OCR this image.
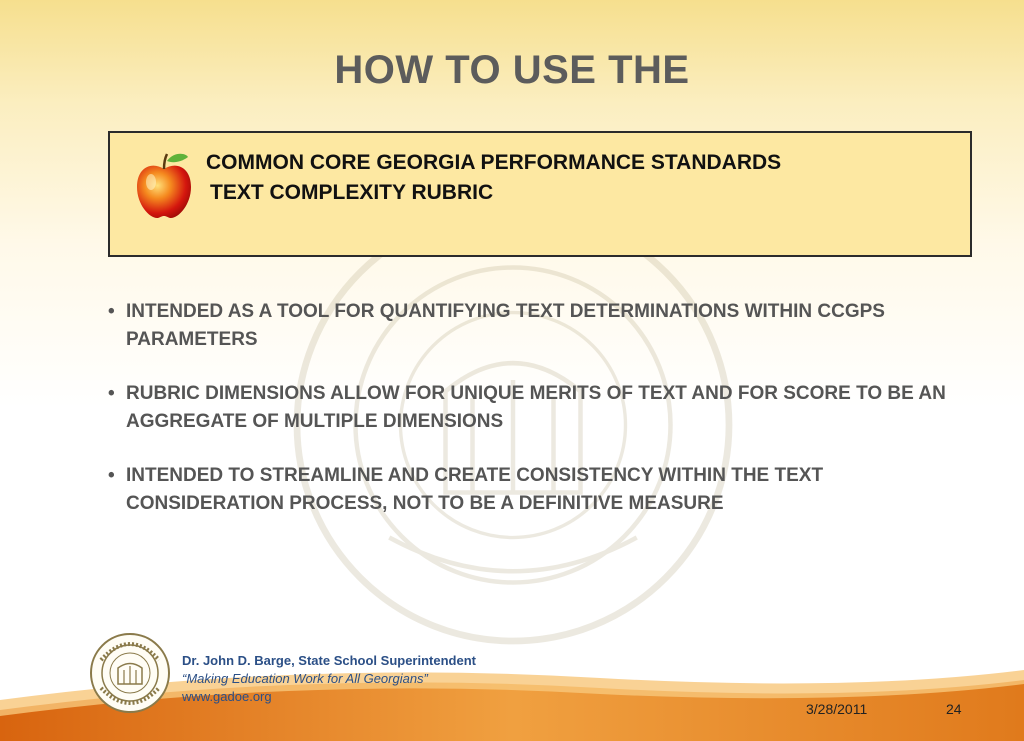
HOW TO USE THE
COMMON CORE GEORGIA PERFORMANCE STANDARDS
TEXT COMPLEXITY RUBRIC
• INTENDED AS A TOOL FOR QUANTIFYING TEXT DETERMINATIONS WITHIN CCGPS PARAMETERS
• RUBRIC DIMENSIONS ALLOW FOR UNIQUE MERITS OF TEXT AND FOR SCORE TO BE AN AGGREGATE OF MULTIPLE DIMENSIONS
• INTENDED TO STREAMLINE AND CREATE CONSISTENCY WITHIN THE TEXT CONSIDERATION PROCESS, NOT TO BE A DEFINITIVE MEASURE
Dr. John D. Barge, State School Superintendent
“Making Education Work for All Georgians”
www.gadoe.org
3/28/2011	24
